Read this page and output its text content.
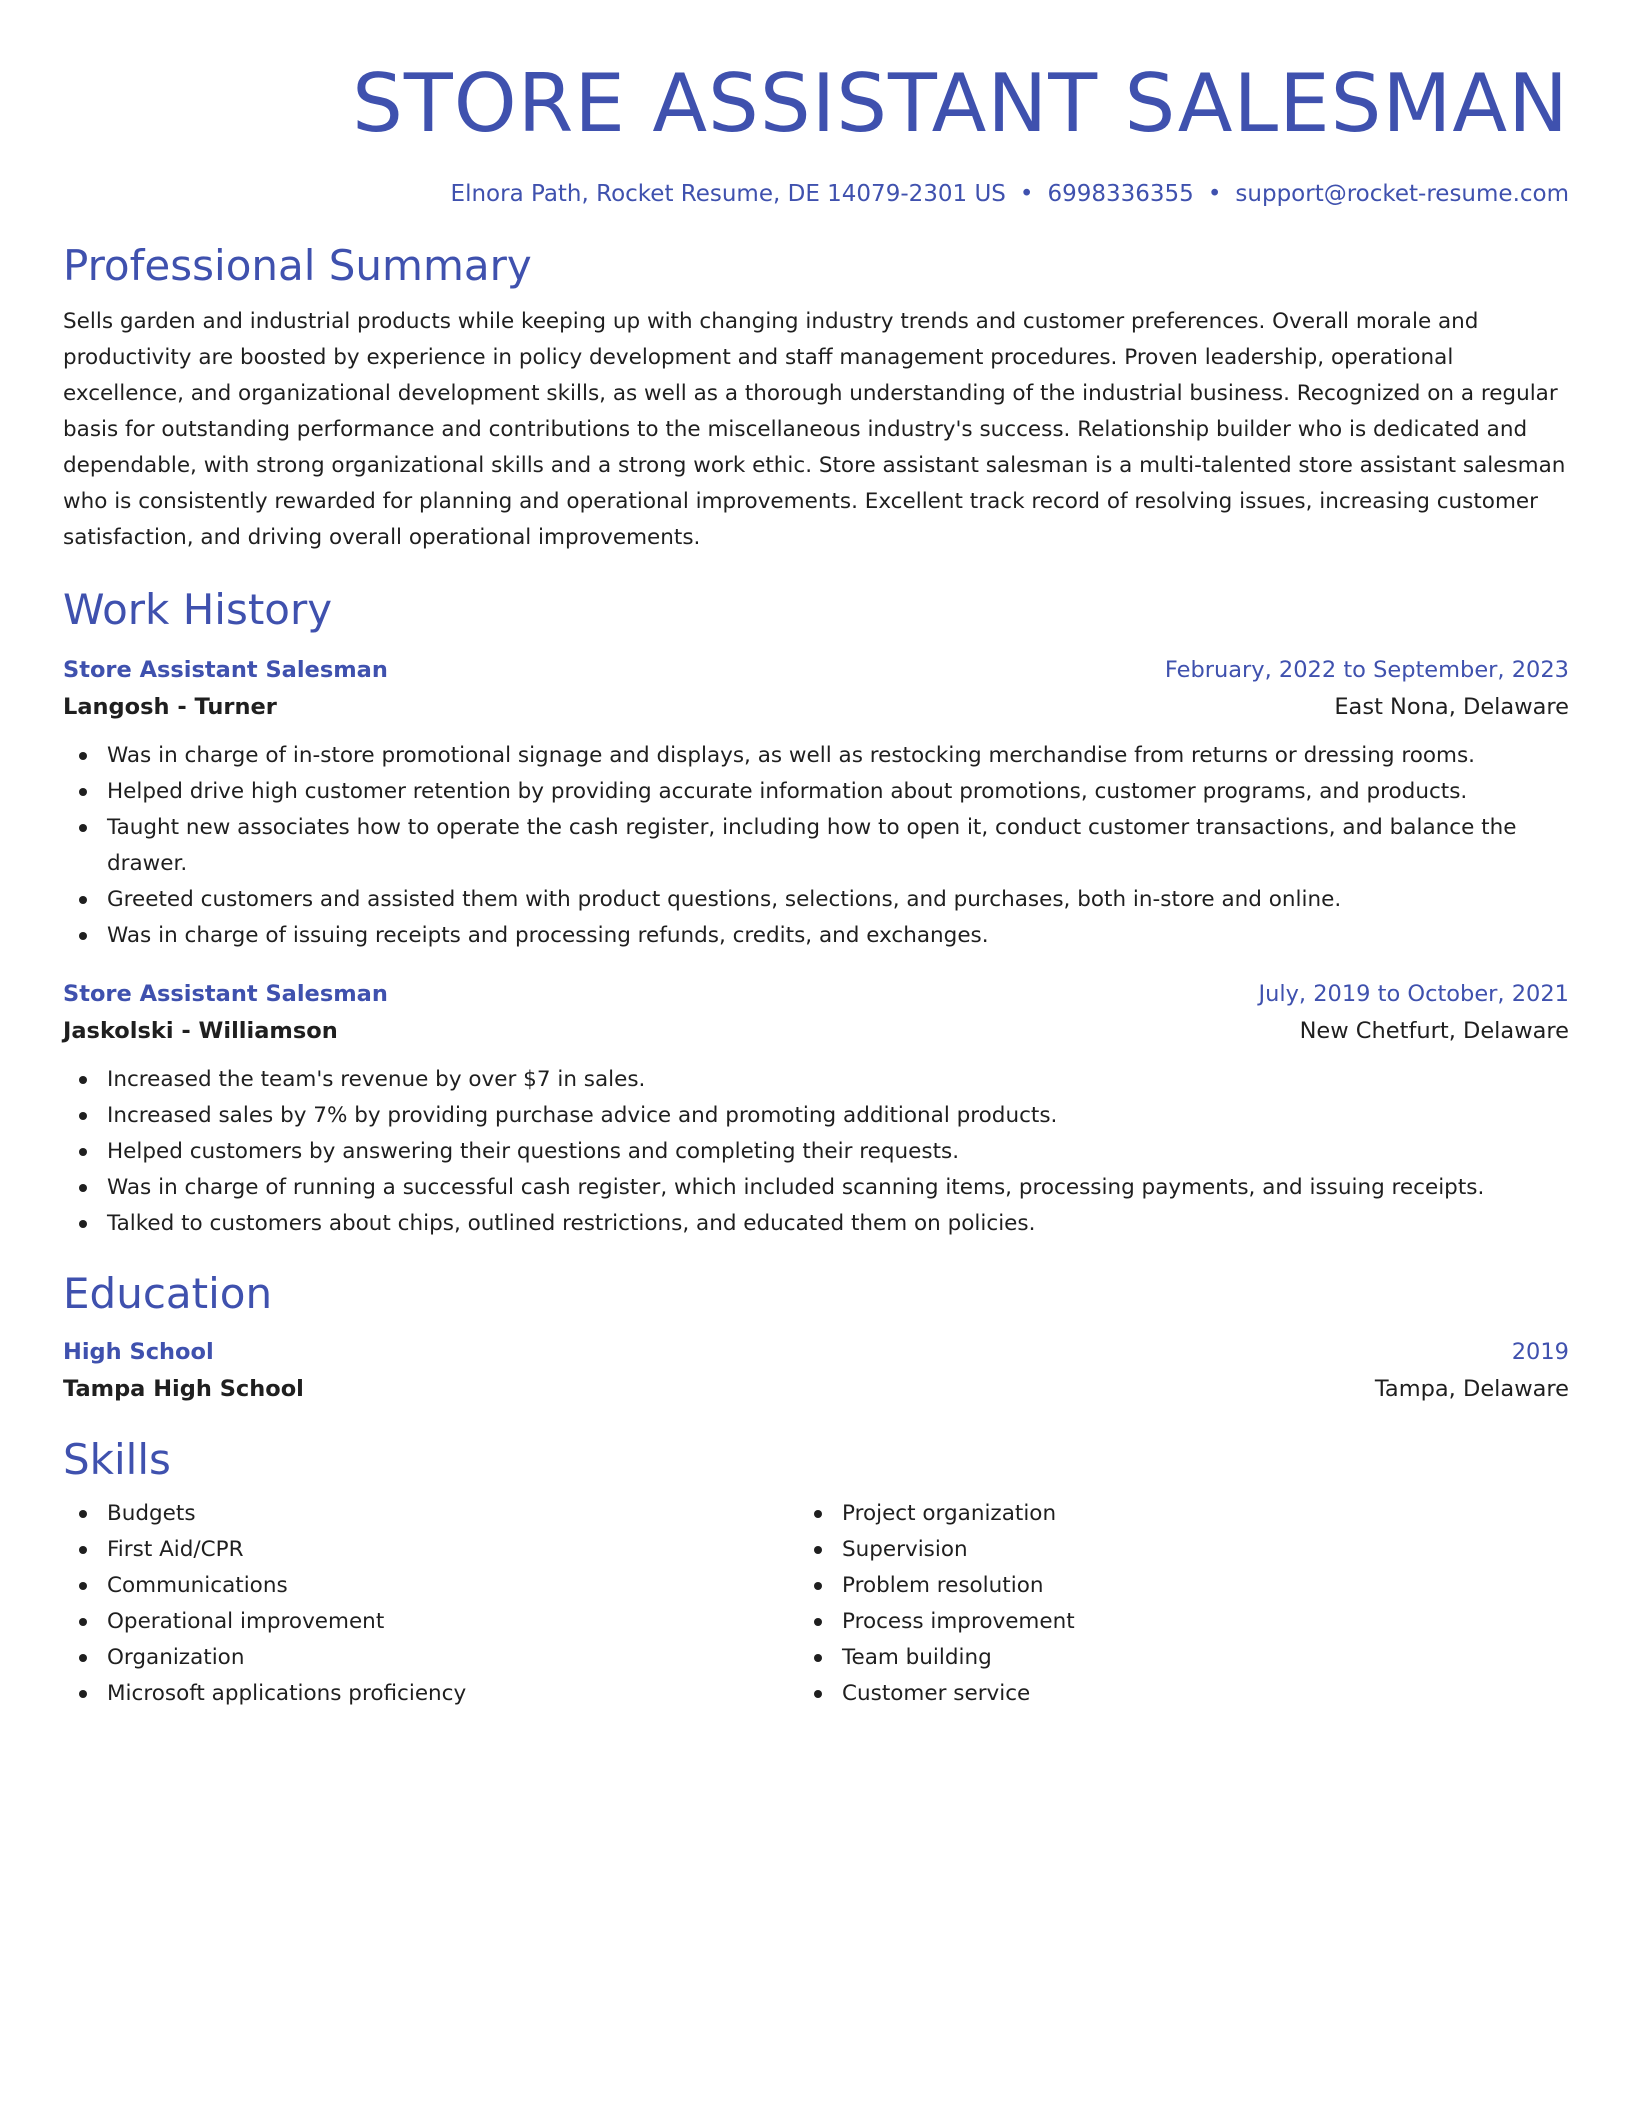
STORE ASSISTANT SALESMAN
Elnora Path, Rocket Resume, DE 14079-2301 US • 6998336355 • support@rocket-resume.com
Professional Summary
Sells garden and industrial products while keeping up with changing industry trends and customer preferences. Overall morale and productivity are boosted by experience in policy development and staff management procedures. Proven leadership, operational excellence, and organizational development skills, as well as a thorough understanding of the industrial business. Recognized on a regular basis for outstanding performance and contributions to the miscellaneous industry's success. Relationship builder who is dedicated and dependable, with strong organizational skills and a strong work ethic. Store assistant salesman is a multi-talented store assistant salesman who is consistently rewarded for planning and operational improvements. Excellent track record of resolving issues, increasing customer satisfaction, and driving overall operational improvements.
Work History
Store Assistant Salesman	February, 2022 to September, 2023
Langosh - Turner	East Nona, Delaware
Was in charge of in-store promotional signage and displays, as well as restocking merchandise from returns or dressing rooms.
Helped drive high customer retention by providing accurate information about promotions, customer programs, and products.
Taught new associates how to operate the cash register, including how to open it, conduct customer transactions, and balance the drawer.
Greeted customers and assisted them with product questions, selections, and purchases, both in-store and online.
Was in charge of issuing receipts and processing refunds, credits, and exchanges.
Store Assistant Salesman	July, 2019 to October, 2021
Jaskolski - Williamson	New Chetfurt, Delaware
Increased the team's revenue by over $7 in sales.
Increased sales by 7% by providing purchase advice and promoting additional products.
Helped customers by answering their questions and completing their requests.
Was in charge of running a successful cash register, which included scanning items, processing payments, and issuing receipts.
Talked to customers about chips, outlined restrictions, and educated them on policies.
Education
High School	2019
Tampa High School	Tampa, Delaware
Skills
Budgets
First Aid/CPR
Communications
Operational improvement
Organization
Microsoft applications proficiency
Project organization
Supervision
Problem resolution
Process improvement
Team building
Customer service
